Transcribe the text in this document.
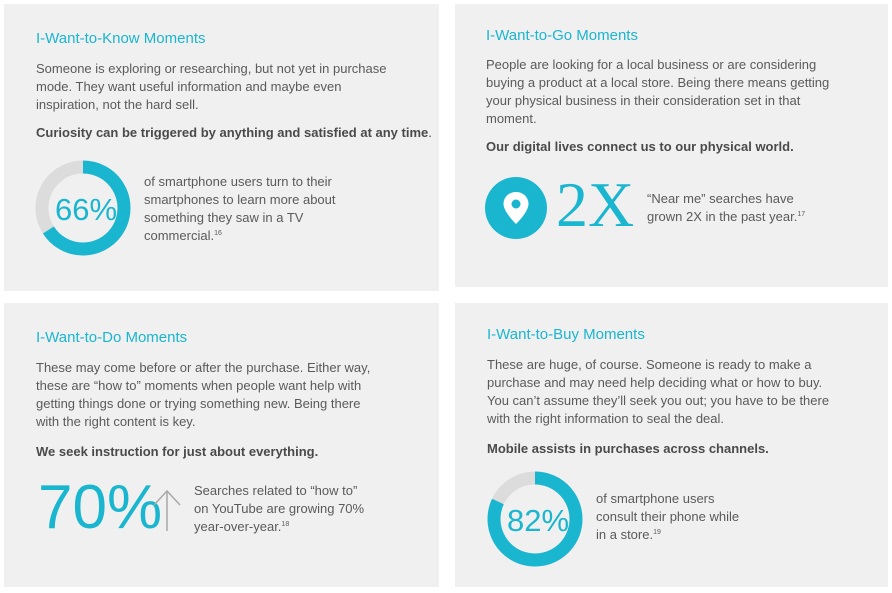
I-Want-to-Know Moments
Someone is exploring or researching, but not yet in purchase mode. They want useful information and maybe even inspiration, not the hard sell.
Curiosity can be triggered by anything and satisfied at any time.
66%
of smartphone users turn to their smartphones to learn more about something they saw in a TV commercial.$^{16}$
I-Want-to-Go Moments
People are looking for a local business or are considering buying a product at a local store. Being there means getting your physical business in their consideration set in that moment.
Our digital lives connect us to our physical world.
2X “Near me” searches have grown 2X in the past year.$^{17}$
I-Want-to-Do Moments
These may come before or after the purchase. Either way, these are “how to” moments when people want help with getting things done or trying something new. Being there with the right content is key.
We seek instruction for just about everything.
70% Searches related to “how to” on YouTube are growing 70% year-over-year.$^{18}$
I-Want-to-Buy Moments
These are huge, of course. Someone is ready to make a purchase and may need help deciding what or how to buy. You can’t assume they’ll seek you out; you have to be there with the right information to seal the deal.
Mobile assists in purchases across channels.
82%
of smartphone users consult their phone while in a store.$^{19}$
